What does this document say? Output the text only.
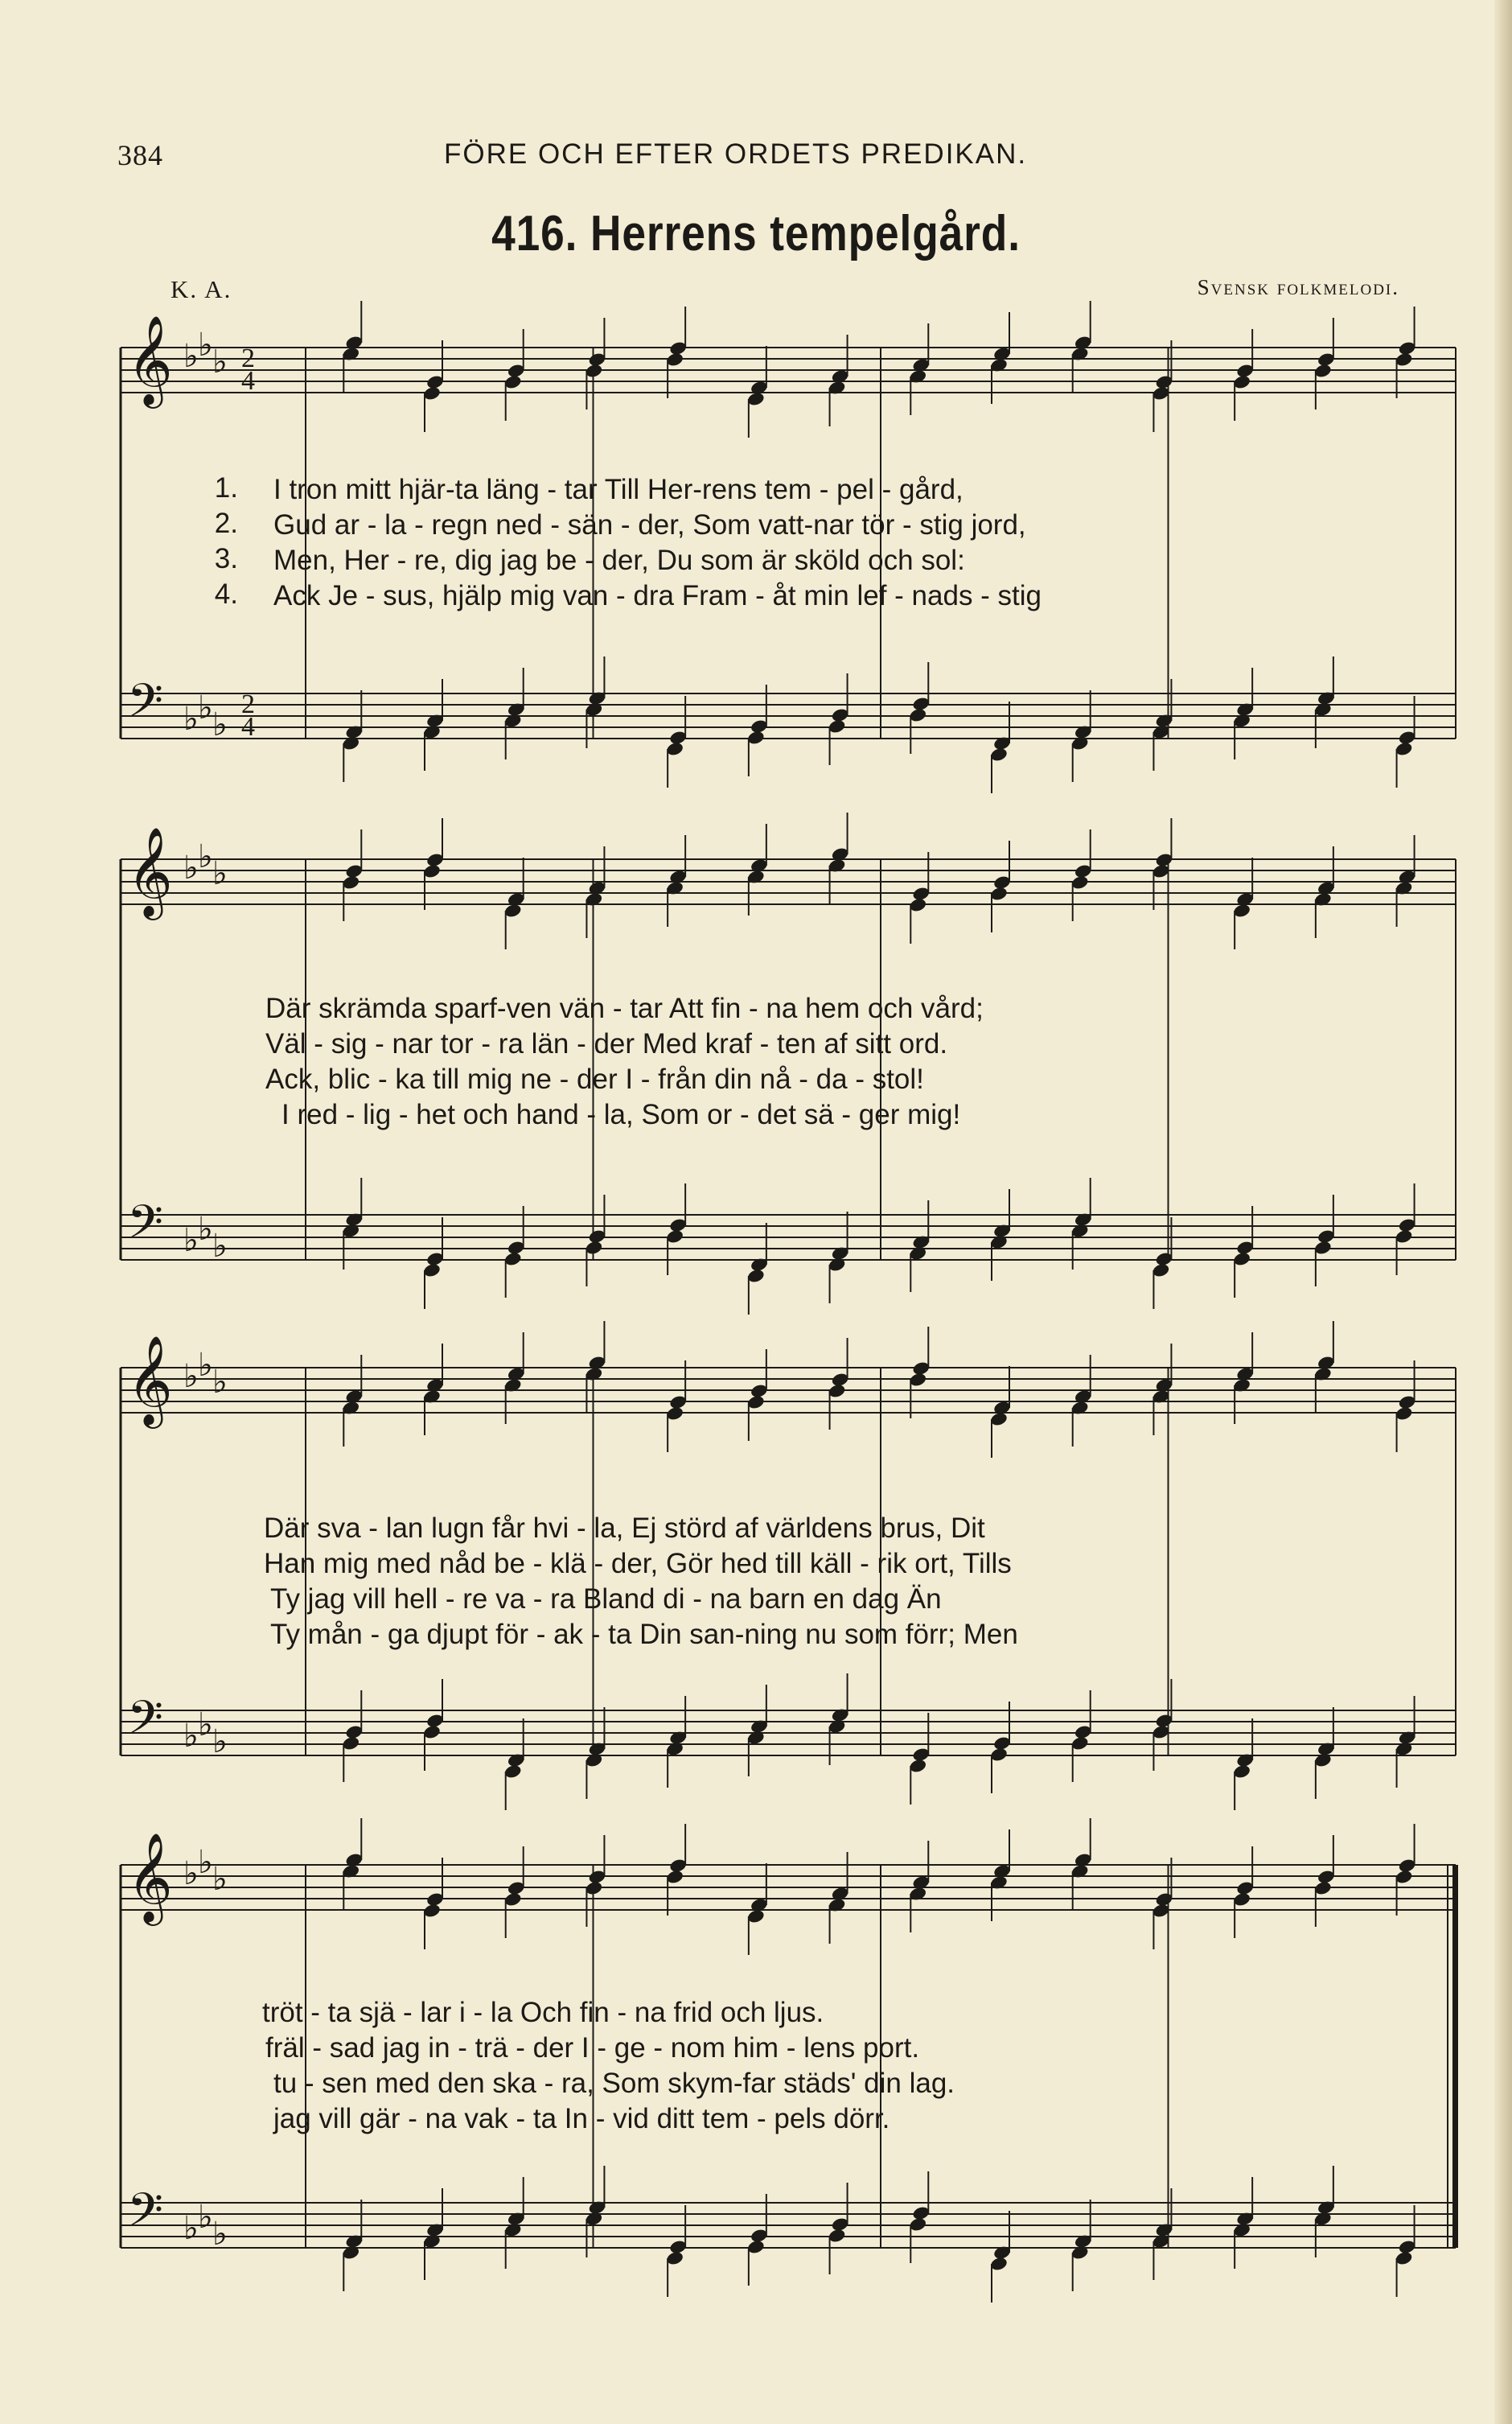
384	FÖRE OCH EFTER ORDETS PREDIKAN.
416. Herrens tempelgård.
K. A.	Svensk folkmelodi.
𝄞
𝄢
♭ ♭ ♭
♭ ♭ ♭
2
2
4
4
𝄞
𝄢
♭ ♭ ♭
♭ ♭ ♭
𝄞
𝄢
♭ ♭ ♭
♭ ♭ ♭
𝄞
𝄢
♭ ♭ ♭
♭ ♭ ♭
1.
2.
3.
4.
I tron mitt hjär-ta läng - tar Till Her-rens tem - pel - gård,
Gud ar - la - regn ned - sän - der, Som vatt-nar tör - stig jord,
Men, Her - re, dig jag be - der, Du som är sköld och sol:
Ack Je - sus, hjälp mig van - dra Fram - åt min lef - nads - stig
Där skrämda sparf-ven vän - tar Att fin - na hem och vård;
Väl - sig - nar tor - ra län - der Med kraf - ten af sitt ord.
Ack, blic - ka till mig ne - der I - från din nå - da - stol!
I red - lig - het och hand - la, Som or - det sä - ger mig!
Där sva - lan lugn får hvi - la, Ej störd af världens brus, Dit
Han mig med nåd be - klä - der, Gör hed till käll - rik ort, Tills
Ty jag vill hell - re va - ra Bland di - na barn en dag Än
Ty mån - ga djupt för - ak - ta Din san-ning nu som förr; Men
tröt - ta sjä - lar i - la Och fin - na frid och ljus.
fräl - sad jag in - trä - der I - ge - nom him - lens port.
tu - sen med den ska - ra, Som skym-far städs' din lag.
jag vill gär - na vak - ta In - vid ditt tem - pels dörr.
